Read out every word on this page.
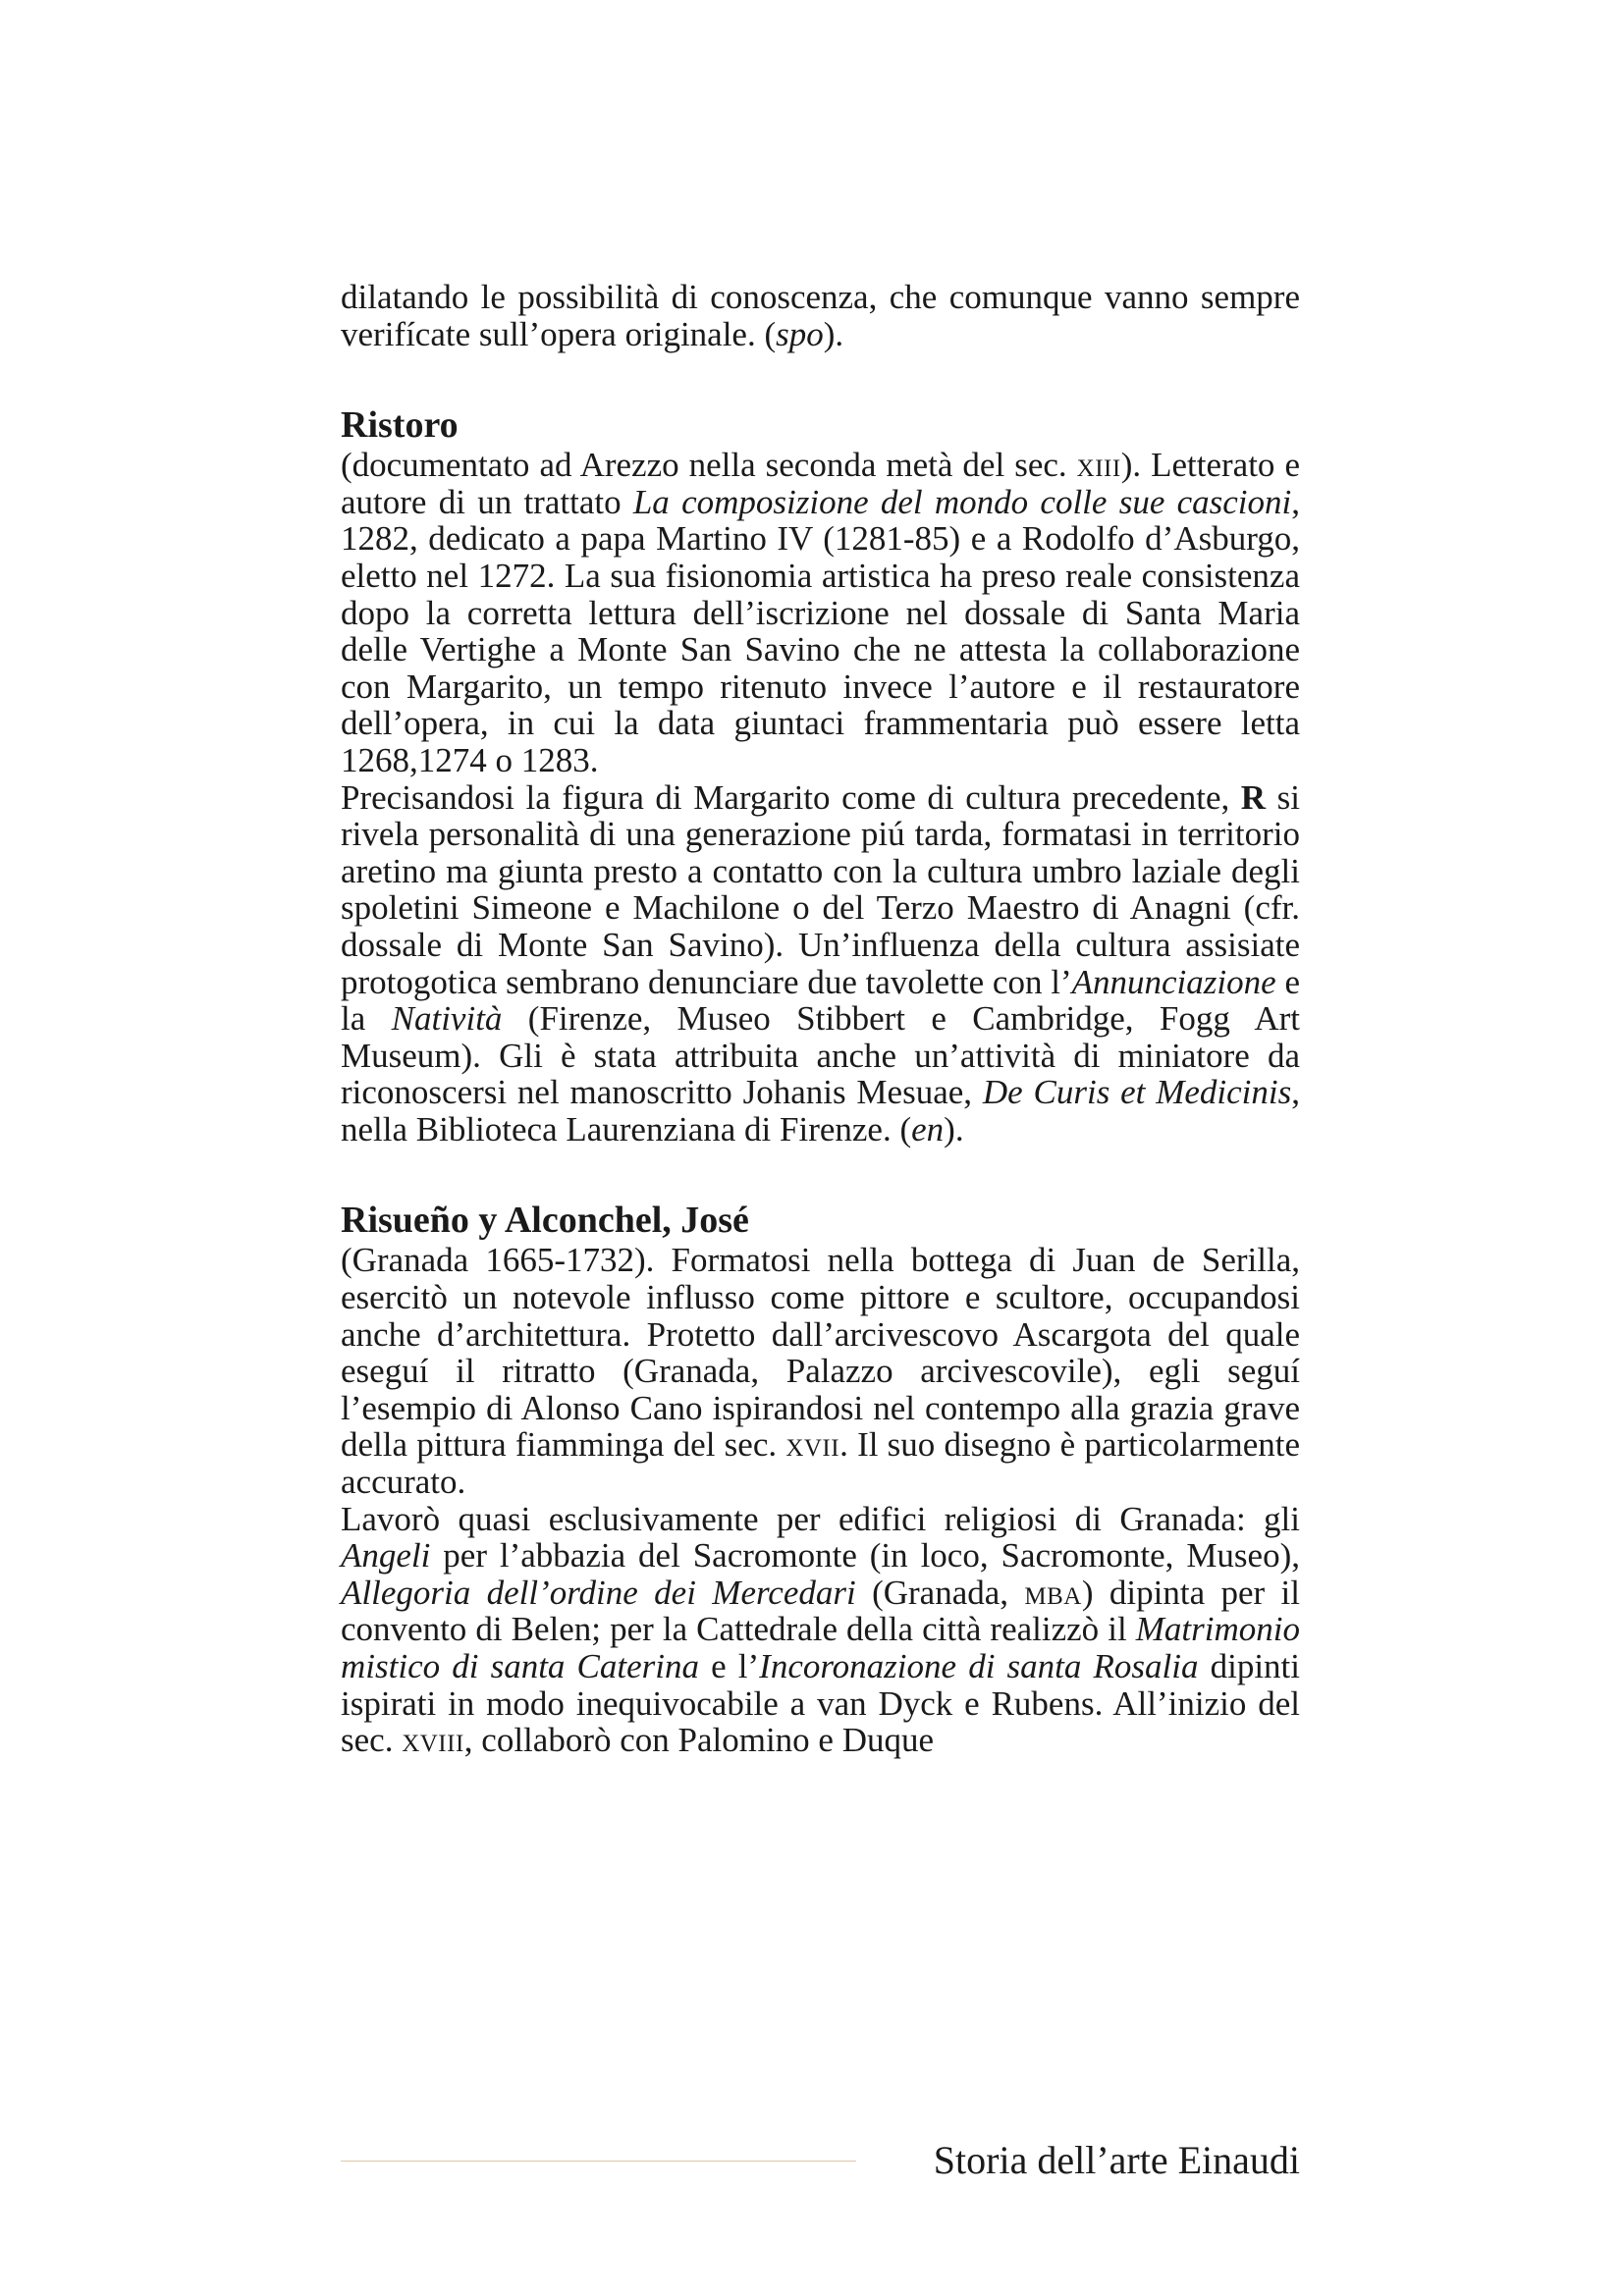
dilatando le possibilità di conoscenza, che comunque vanno sempre verifícate sull’opera originale. (spo).

Ristoro

(documentato ad Arezzo nella seconda metà del sec. xiii). Letterato e autore di un trattato La composizione del mondo colle sue cascioni, 1282, dedicato a papa Martino IV (1281-85) e a Rodolfo d’Asburgo, eletto nel 1272. La sua fisionomia artistica ha preso reale consistenza dopo la corretta lettura dell’iscrizione nel dossale di Santa Maria delle Vertighe a Monte San Savino che ne attesta la collaborazione con Margarito, un tempo ritenuto invece l’autore e il restauratore dell’opera, in cui la data giuntaci frammentaria può essere letta 1268,1274 o 1283.

Precisandosi la figura di Margarito come di cultura precedente, R si rivela personalità di una generazione piú tarda, formatasi in territorio aretino ma giunta presto a contatto con la cultura umbro laziale degli spoletini Simeone e Machilone o del Terzo Maestro di Anagni (cfr. dossale di Monte San Savino). Un’influenza della cultura assisiate protogotica sembrano denunciare due tavolette con l’Annunciazione e la Natività (Firenze, Museo Stibbert e Cambridge, Fogg Art Museum). Gli è stata attribuita anche un’attività di miniatore da riconoscersi nel manoscritto Johanis Mesuae, De Curis et Medicinis, nella Biblioteca Laurenziana di Firenze. (en).

Risueño y Alconchel, José

(Granada 1665-1732). Formatosi nella bottega di Juan de Serilla, esercitò un notevole influsso come pittore e scultore, occupandosi anche d’architettura. Protetto dall’arcivescovo Ascargota del quale eseguí il ritratto (Granada, Palazzo arcivescovile), egli seguí l’esempio di Alonso Cano ispirandosi nel contempo alla grazia grave della pittura fiamminga del sec. xvii. Il suo disegno è particolarmente accurato.

Lavorò quasi esclusivamente per edifici religiosi di Granada: gli Angeli per l’abbazia del Sacromonte (in loco, Sacromonte, Museo), Allegoria dell’ordine dei Mercedari (Granada, mba) dipinta per il convento di Belen; per la Cattedrale della città realizzò il Matrimonio mistico di santa Caterina e l’Incoronazione di santa Rosalia dipinti ispirati in modo inequivocabile a van Dyck e Rubens. All’inizio del sec. xviii, collaborò con Palomino e Duque

Storia dell’arte Einaudi
